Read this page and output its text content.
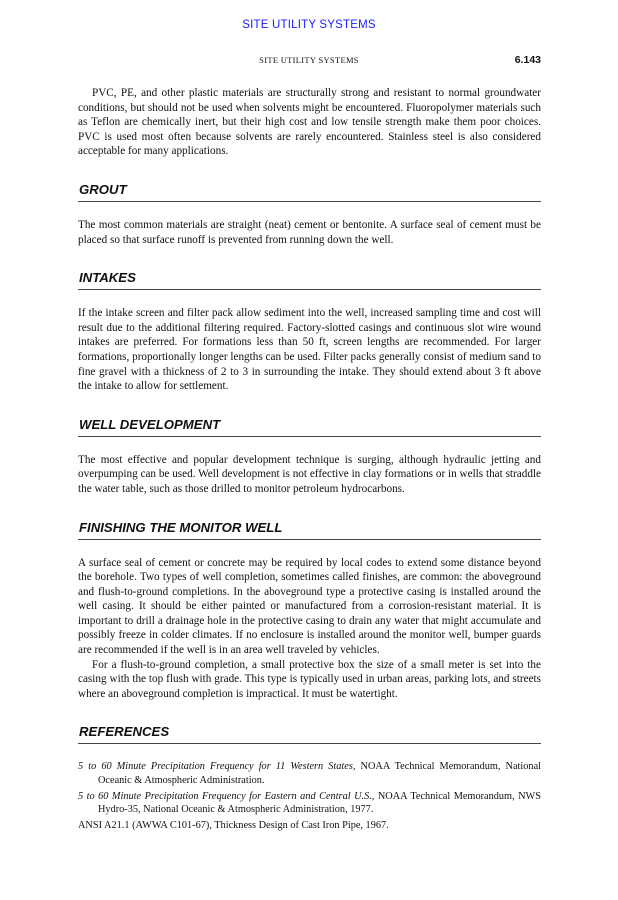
SITE UTILITY SYSTEMS
SITE UTILITY SYSTEMS	6.143

PVC, PE, and other plastic materials are structurally strong and resistant to normal groundwater conditions, but should not be used when solvents might be encountered. Fluoropolymer materials such as Teflon are chemically inert, but their high cost and low tensile strength make them poor choices. PVC is used most often because solvents are rarely encountered. Stainless steel is also considered acceptable for many applications.

GROUT

The most common materials are straight (neat) cement or bentonite. A surface seal of cement must be placed so that surface runoff is prevented from running down the well.

INTAKES

If the intake screen and filter pack allow sediment into the well, increased sampling time and cost will result due to the additional filtering required. Factory-slotted casings and continuous slot wire wound intakes are preferred. For formations less than 50 ft, screen lengths are recommended. For larger formations, proportionally longer lengths can be used. Filter packs generally consist of medium sand to fine gravel with a thickness of 2 to 3 in surrounding the intake. They should extend about 3 ft above the intake to allow for settlement.

WELL DEVELOPMENT

The most effective and popular development technique is surging, although hydraulic jetting and overpumping can be used. Well development is not effective in clay formations or in wells that straddle the water table, such as those drilled to monitor petroleum hydrocarbons.

FINISHING THE MONITOR WELL

A surface seal of cement or concrete may be required by local codes to extend some distance beyond the borehole. Two types of well completion, sometimes called finishes, are common: the aboveground and flush-to-ground completions. In the aboveground type a protective casing is installed around the well casing. It should be either painted or manufactured from a corrosion-resistant material. It is important to drill a drainage hole in the protective casing to drain any water that might accumulate and possibly freeze in colder climates. If no enclosure is installed around the monitor well, bumper guards are recommended if the well is in an area well traveled by vehicles.

For a flush-to-ground completion, a small protective box the size of a small meter is set into the casing with the top flush with grade. This type is typically used in urban areas, parking lots, and streets where an aboveground completion is impractical. It must be watertight.

REFERENCES

5 to 60 Minute Precipitation Frequency for 11 Western States, NOAA Technical Memorandum, National Oceanic & Atmospheric Administration.

5 to 60 Minute Precipitation Frequency for Eastern and Central U.S., NOAA Technical Memorandum, NWS Hydro-35, National Oceanic & Atmospheric Administration, 1977.

ANSI A21.1 (AWWA C101-67), Thickness Design of Cast Iron Pipe, 1967.
